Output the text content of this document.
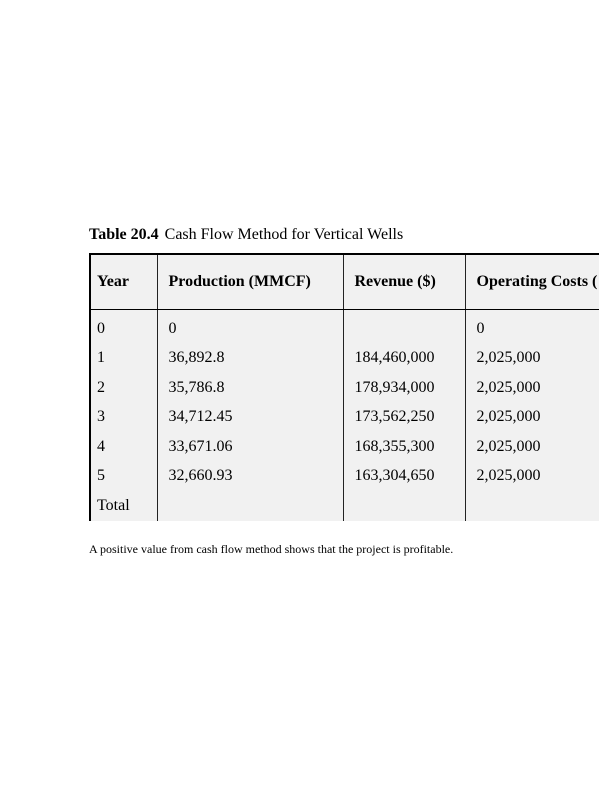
Table 20.4 Cash Flow Method for Vertical Wells
Year	Production (MMCF)	Revenue ($)	Operating Costs (
0	0		0
1	36,892.8	184,460,000	2,025,000
2	35,786.8	178,934,000	2,025,000
3	34,712.45	173,562,250	2,025,000
4	33,671.06	168,355,300	2,025,000
5	32,660.93	163,304,650	2,025,000
Total			
A positive value from cash flow method shows that the project is profitable.
